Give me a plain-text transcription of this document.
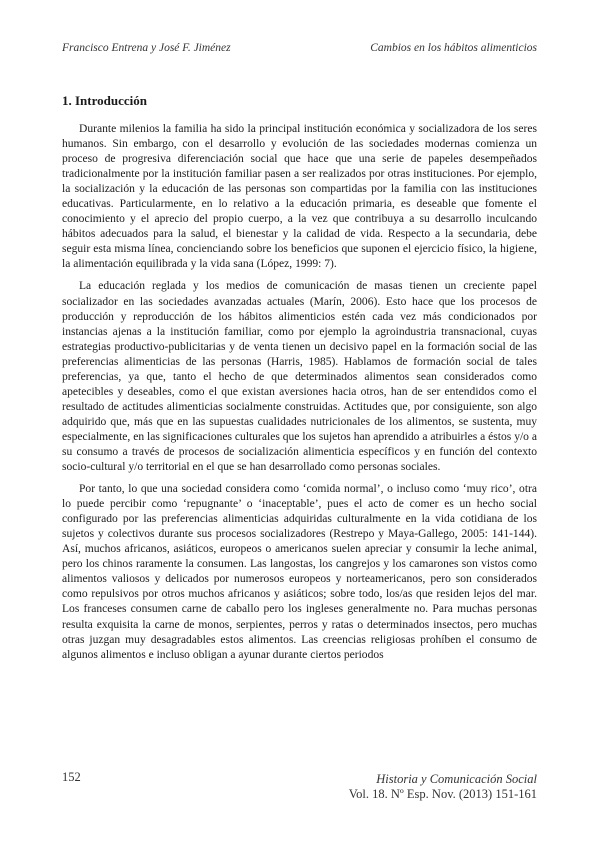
Francisco Entrena y José F. Jiménez	Cambios en los hábitos alimenticios
1. Introducción

Durante milenios la familia ha sido la principal institución económica y socializadora de los seres humanos. Sin embargo, con el desarrollo y evolución de las sociedades modernas comienza un proceso de progresiva diferenciación social que hace que una serie de papeles desempeñados tradicionalmente por la institución familiar pasen a ser realizados por otras instituciones. Por ejemplo, la socialización y la educación de las personas son compartidas por la familia con las instituciones educativas. Particularmente, en lo relativo a la educación primaria, es deseable que fomente el conocimiento y el aprecio del propio cuerpo, a la vez que contribuya a su desarrollo inculcando hábitos adecuados para la salud, el bienestar y la calidad de vida. Respecto a la secundaria, debe seguir esta misma línea, concienciando sobre los beneficios que suponen el ejercicio físico, la higiene, la alimentación equilibrada y la vida sana (López, 1999: 7).

La educación reglada y los medios de comunicación de masas tienen un creciente papel socializador en las sociedades avanzadas actuales (Marín, 2006). Esto hace que los procesos de producción y reproducción de los hábitos alimenticios estén cada vez más condicionados por instancias ajenas a la institución familiar, como por ejemplo la agroindustria transnacional, cuyas estrategias productivo-publicitarias y de venta tienen un decisivo papel en la formación social de las preferencias alimenticias de las personas (Harris, 1985). Hablamos de formación social de tales preferencias, ya que, tanto el hecho de que determinados alimentos sean considerados como apetecibles y deseables, como el que existan aversiones hacia otros, han de ser entendidos como el resultado de actitudes alimenticias socialmente construidas. Actitudes que, por consiguiente, son algo adquirido que, más que en las supuestas cualidades nutricionales de los alimentos, se sustenta, muy especialmente, en las significaciones culturales que los sujetos han aprendido a atribuirles a éstos y/o a su consumo a través de procesos de socialización alimenticia específicos y en función del contexto socio-cultural y/o territorial en el que se han desarrollado como personas sociales.

Por tanto, lo que una sociedad considera como ‘comida normal’, o incluso como ‘muy rico’, otra lo puede percibir como ‘repugnante’ o ‘inaceptable’, pues el acto de comer es un hecho social configurado por las preferencias alimenticias adquiridas culturalmente en la vida cotidiana de los sujetos y colectivos durante sus procesos socializadores (Restrepo y Maya-Gallego, 2005: 141-144). Así, muchos africanos, asiáticos, europeos o americanos suelen apreciar y consumir la leche animal, pero los chinos raramente la consumen. Las langostas, los cangrejos y los camarones son vistos como alimentos valiosos y delicados por numerosos europeos y norteamericanos, pero son considerados como repulsivos por otros muchos africanos y asiáticos; sobre todo, los/as que residen lejos del mar. Los franceses consumen carne de caballo pero los ingleses generalmente no. Para muchas personas resulta exquisita la carne de monos, serpientes, perros y ratas o determinados insectos, pero muchas otras juzgan muy desagradables estos alimentos. Las creencias religiosas prohíben el consumo de algunos alimentos e incluso obligan a ayunar durante ciertos periodos

152	Historia y Comunicación Social
Vol. 18. Nº Esp. Nov. (2013) 151-161
